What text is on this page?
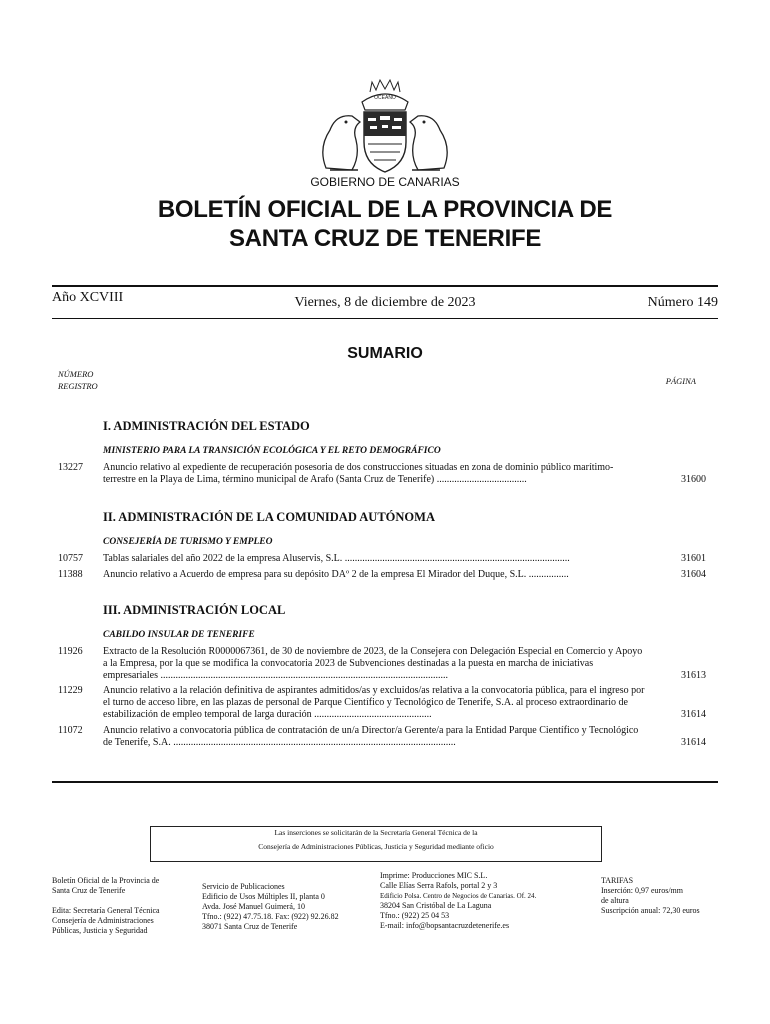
OCEANO
GOBIERNO DE CANARIAS
BOLETÍN OFICIAL DE LA PROVINCIA DE
SANTA CRUZ DE TENERIFE
Año XCVIII	Viernes, 8 de diciembre de 2023	Número 149
SUMARIO
NÚMERO
REGISTRO	PÁGINA
I. ADMINISTRACIÓN DEL ESTADO
MINISTERIO PARA LA TRANSICIÓN ECOLÓGICA Y EL RETO DEMOGRÁFICO
13227 Anuncio relativo al expediente de recuperación posesoria de dos construcciones situadas en zona de dominio público marítimo-terrestre en la Playa de Lima, término municipal de Arafo (Santa Cruz de Tenerife) ....................................	31600
II. ADMINISTRACIÓN DE LA COMUNIDAD AUTÓNOMA
CONSEJERÍA DE TURISMO Y EMPLEO
10757 Tablas salariales del año 2022 de la empresa Aluservis, S.L. ..........................................................................................	31601
11388 Anuncio relativo a Acuerdo de empresa para su depósito DAº 2 de la empresa El Mirador del Duque, S.L. ................	31604
III. ADMINISTRACIÓN LOCAL
CABILDO INSULAR DE TENERIFE
11926 Extracto de la Resolución R0000067361, de 30 de noviembre de 2023, de la Consejera con Delegación Especial en Comercio y Apoyo a la Empresa, por la que se modifica la convocatoria 2023 de Subvenciones destinadas a la puesta en marcha de iniciativas empresariales ...................................................................................................................	31613
11229 Anuncio relativo a la relación definitiva de aspirantes admitidos/as y excluidos/as relativa a la convocatoria pública, para el ingreso por el turno de acceso libre, en las plazas de personal de Parque Científico y Tecnológico de Tenerife, S.A. al proceso extraordinario de estabilización de empleo temporal de larga duración ...............................................	31614
11072 Anuncio relativo a convocatoria pública de contratación de un/a Director/a Gerente/a para la Entidad Parque Científico y Tecnológico de Tenerife, S.A. .................................................................................................................	31614
Las inserciones se solicitarán de la Secretaría General Técnica de la
Consejería de Administraciones Públicas, Justicia y Seguridad mediante oficio
Boletín Oficial de la Provincia de
Santa Cruz de Tenerife
Edita: Secretaría General Técnica
Consejería de Administraciones
Públicas, Justicia y Seguridad
Servicio de Publicaciones
Edificio de Usos Múltiples II, planta 0
Avda. José Manuel Guimerá, 10
Tfno.: (922) 47.75.18. Fax: (922) 92.26.82
38071 Santa Cruz de Tenerife
Imprime: Producciones MIC S.L.
Calle Elías Serra Rafols, portal 2 y 3
Edificio Polsa. Centro de Negocios de Canarias. Of. 24.
38204 San Cristóbal de La Laguna
Tfno.: (922) 25 04 53
E-mail: info@bopsantacruzdetenerife.es
TARIFAS
Inserción: 0,97 euros/mm
de altura
Suscripción anual: 72,30 euros
